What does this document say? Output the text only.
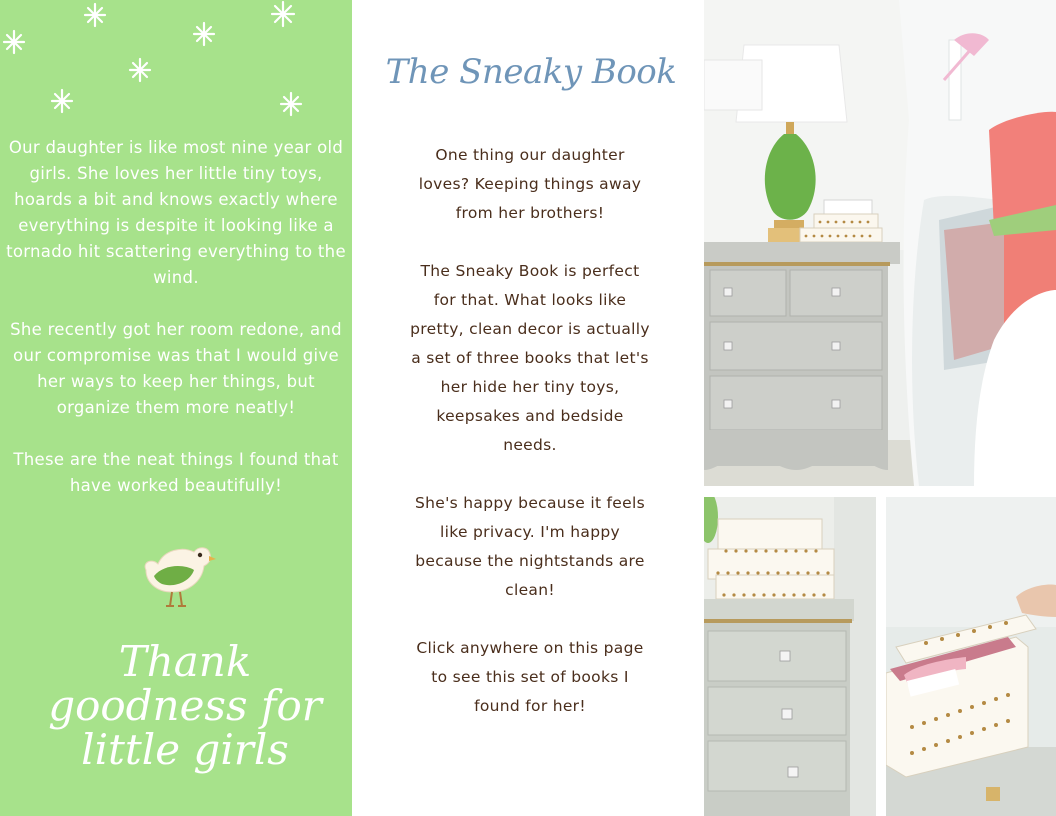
Our daughter is like most nine year old girls. She loves her little tiny toys, hoards a bit and knows exactly where everything is despite it looking like a tornado hit scattering everything to the wind.

She recently got her room redone, and our compromise was that I would give her ways to keep her things, but organize them more neatly!

These are the neat things I found that have worked beautifully!

Thank
goodness for
little girls
The Sneaky Book

One thing our daughter loves? Keeping things away from her brothers!

The Sneaky Book is perfect for that. What looks like pretty, clean decor is actually a set of three books that let's her hide her tiny toys, keepsakes and bedside needs.

She's happy because it feels like privacy. I'm happy because the nightstands are clean!

Click anywhere on this page to see this set of books I found for her!
